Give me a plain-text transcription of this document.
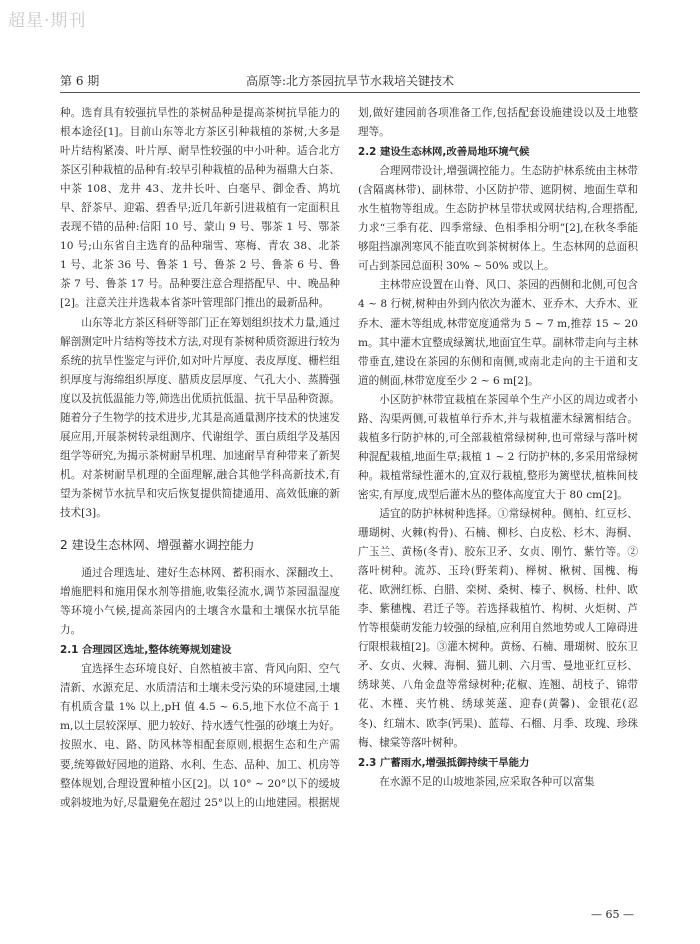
超星·期刊
第 6 期	高原等:北方茶园抗旱节水栽培关键技术

种。选育具有较强抗旱性的茶树品种是提高茶树抗旱能力的根本途径[1]。目前山东等北方茶区引种栽植的茶树,大多是叶片结构紧凑、叶片厚、耐旱性较强的中小叶种。适合北方茶区引种栽植的品种有:较早引种栽植的品种为福鼎大白茶、中茶 108、龙井 43、龙井长叶、白毫早、御金香、鸠坑早、舒茶早、迎霜、碧香早;近几年新引进栽植有一定面积且表现不错的品种:信阳 10 号、蒙山 9 号、鄂茶 1 号、鄂茶 10 号;山东省自主选育的品种瑞雪、寒梅、青农 38、北茶 1 号、北茶 36 号、鲁茶 1 号、鲁茶 2 号、鲁茶 6 号、鲁茶 7 号、鲁茶 17 号。品种要注意合理搭配早、中、晚品种[2]。注意关注并选栽本省茶叶管理部门推出的最新品种。

山东等北方茶区科研等部门正在筹划组织技术力量,通过解剖测定叶片结构等技术方法,对现有茶树种质资源进行较为系统的抗旱性鉴定与评价,如对叶片厚度、表皮厚度、栅栏组织厚度与海绵组织厚度、腊质皮层厚度、气孔大小、蒸腾强度以及抗低温能力等,筛选出优质抗低温、抗干旱品种资源。随着分子生物学的技术进步,尤其是高通量测序技术的快速发展应用,开展茶树转录组测序、代谢组学、蛋白质组学及基因组学等研究,为揭示茶树耐旱机理、加速耐旱育种带来了新契机。对茶树耐旱机理的全面理解,融合其他学科高新技术,有望为茶树节水抗旱和灾后恢复提供简捷通用、高效低廉的新技术[3]。

2 建设生态林网、增强蓄水调控能力

通过合理选址、建好生态林网、蓄积雨水、深翻改土、增施肥料和施用保水剂等措施,收集径流水,调节茶园温湿度等环境小气候,提高茶园内的土壤含水量和土壤保水抗旱能力。

2.1 合理园区选址,整体统筹规划建设

宜选择生态环境良好、自然植被丰富、背风向阳、空气清新、水源充足、水质清洁和土壤未受污染的环境建园,土壤有机质含量 1% 以上,pH 值 4.5 ~ 6.5,地下水位不高于 1 m,以土层较深厚、肥力较好、持水透气性强的砂壤土为好。按照水、电、路、防风林等相配套原则,根据生态和生产需要,统筹做好园地的道路、水利、生态、品种、加工、机房等整体规划,合理设置种植小区[2]。以 10° ~ 20°以下的缓坡或斜坡地为好,尽量避免在超过 25°以上的山地建园。根据规

划,做好建园前各项准备工作,包括配套设施建设以及土地整理等。

2.2 建设生态林网,改善局地环境气候

合理网带设计,增强调控能力。生态防护林系统由主林带(含隔离林带)、副林带、小区防护带、遮阴树、地面生草和水生植物等组成。生态防护林呈带状或网状结构,合理搭配,力求“三季有花、四季常绿、色相季相分明”[2],在秋冬季能够阻挡凛冽寒风不能直吹到茶树树体上。生态林网的总面积可占到茶园总面积 30% ~ 50% 或以上。

主林带应设置在山脊、风口、茶园的西侧和北侧,可包含 4 ~ 8 行树,树种由外到内依次为灌木、亚乔木、大乔木、亚乔木、灌木等组成,林带宽度通常为 5 ~ 7 m,推荐 15 ~ 20 m。其中灌木宜整成绿篱状,地面宜生草。副林带走向与主林带垂直,建设在茶园的东侧和南侧,或南北走向的主干道和支道的侧面,林带宽度至少 2 ~ 6 m[2]。

小区防护林带宜栽植在茶园单个生产小区的周边或者小路、沟渠两侧,可栽植单行乔木,并与栽植灌木绿篱相结合。栽植多行防护林的,可全部栽植常绿树种,也可常绿与落叶树种混配栽植,地面生草;栽植 1 ~ 2 行防护林的,多采用常绿树种。栽植常绿性灌木的,宜双行栽植,整形为篱壁状,植株间枝密实,有厚度,成型后灌木丛的整体高度宜大于 80 cm[2]。

适宜的防护林树种选择。①常绿树种。侧柏、红豆杉、珊瑚树、火棘(构骨)、石楠、柳杉、白皮松、杉木、海桐、广玉兰、黄杨(冬青)、胶东卫矛、女贞、刚竹、紫竹等。②落叶树种。流苏、玉玲(野茉莉)、榉树、楸树、国槐、梅花、欧洲红栎、白腊、栾树、桑树、榛子、枫杨、杜仲、欧李、紫穗槐、君迁子等。若选择栽植竹、构树、火炬树、芦竹等根蘖萌发能力较强的绿植,应利用自然地势或人工障碍进行限根栽植[2]。③灌木树种。黄杨、石楠、珊瑚树、胶东卫矛、女贞、火棘、海桐、猫儿刺、六月雪、曼地亚红豆杉、绣球荚、八角金盘等常绿树种;花椒、连翘、胡枝子、锦带花、木槿、夹竹桃、绣球荚蒾、迎春(黄馨)、金银花(忍冬)、红瑞木、欧李(钙果)、蓝莓、石榴、月季、玫瑰、珍珠梅、棣棠等落叶树种。

2.3 广蓄雨水,增强抵御持续干旱能力

在水源不足的山坡地茶园,应采取各种可以富集

— 65 —
